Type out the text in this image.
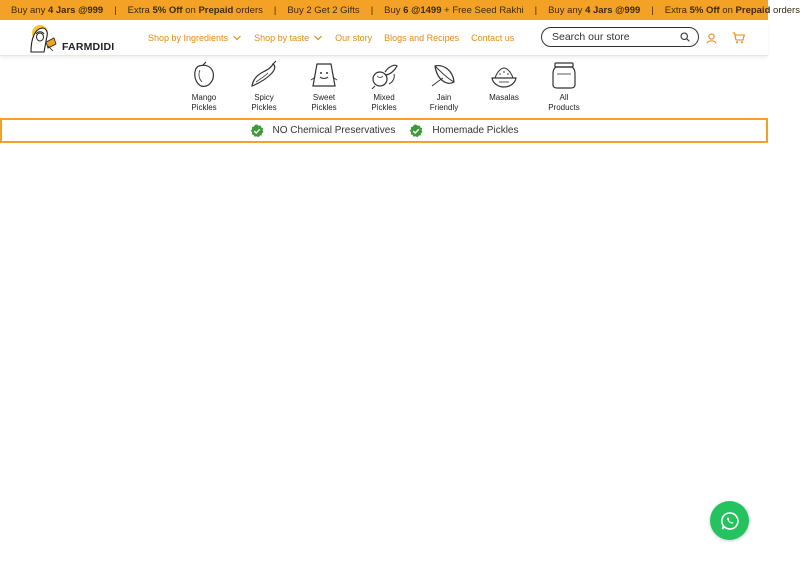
Buy any 4 Jars @999	|	Extra 5% Off on Prepaid orders	|	Buy 2 Get 2 Gifts	|	Buy 6 @1499 + Free Seed Rakhi	|	Buy any 4 Jars @999	|	Extra 5% Off on Prepaid orders
FARMDIDI
Shop by Ingredients	Shop by taste	Our story Blogs and Recipes Contact us
Search our store
Mango
Pickles
Spicy
Pickles
Sweet
Pickles
Mixed
Pickles
Jain
Friendly
Masalas	All
Products
NO Chemical Preservatives	Homemade Pickles
